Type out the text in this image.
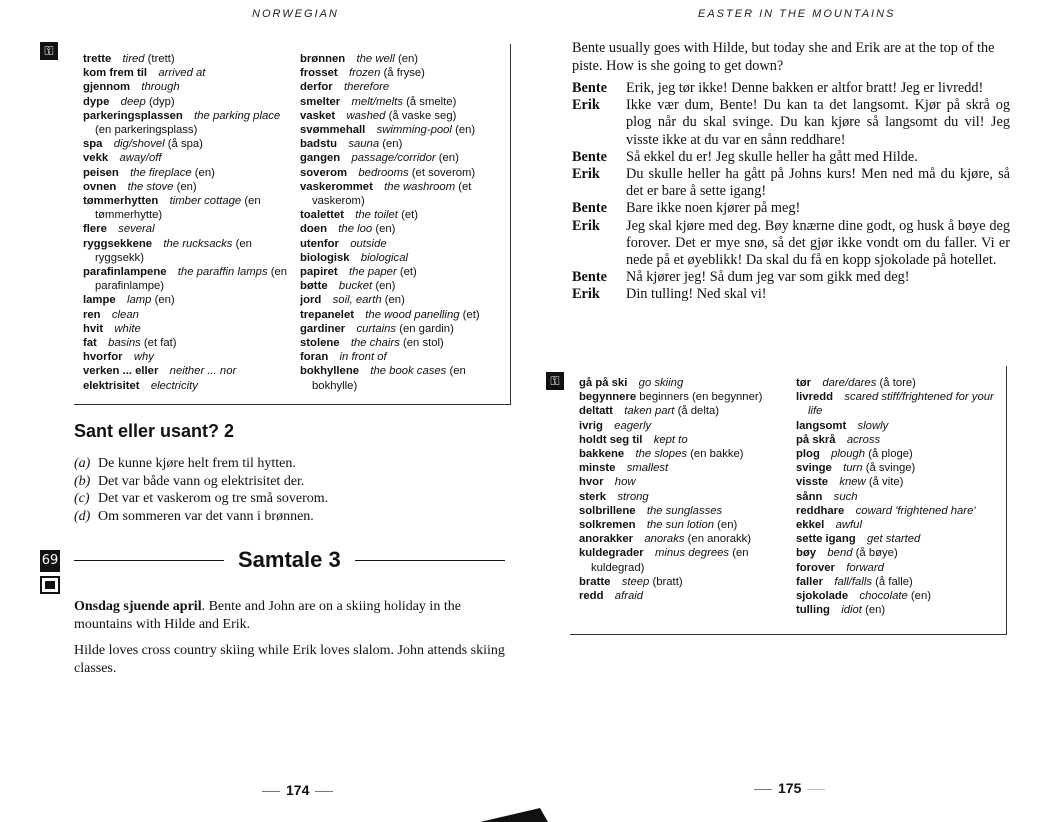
NORWEGIAN
⚿
trette  tired (trett)
kom frem til  arrived at
gjennom  through
dype  deep (dyp)
parkeringsplassen  the parking place (en parkeringsplass)
spa  dig/shovel (å spa)
vekk  away/off
peisen  the fireplace (en)
ovnen  the stove (en)
tømmerhytten  timber cottage (en tømmerhytte)
flere  several
ryggsekkene  the rucksacks (en ryggsekk)
parafinlampene  the paraffin lamps (en parafinlampe)
lampe  lamp (en)
ren  clean
hvit  white
fat  basins (et fat)
hvorfor  why
verken ... eller  neither ... nor
elektrisitet  electricity
brønnen  the well (en)
frosset  frozen (å fryse)
derfor  therefore
smelter  melt/melts (å smelte)
vasket  washed (å vaske seg)
svømmehall  swimming-pool (en)
badstu  sauna (en)
gangen  passage/corridor (en)
soverom  bedrooms (et soverom)
vaskerommet  the washroom (et vaskerom)
toalettet  the toilet (et)
doen  the loo (en)
utenfor  outside
biologisk  biological
papiret  the paper (et)
bøtte  bucket (en)
jord  soil, earth (en)
trepanelet  the wood panelling (et)
gardiner  curtains (en gardin)
stolene  the chairs (en stol)
foran  in front of
bokhyllene  the book cases (en bokhylle)
Sant eller usant? 2
(a) De kunne kjøre helt frem til hytten.
(b) Det var både vann og elektrisitet der.
(c) Det var et vaskerom og tre små soverom.
(d) Om sommeren var det vann i brønnen.
69	Samtale 3
Onsdag sjuende april. Bente and John are on a skiing holiday in the mountains with Hilde and Erik.
Hilde loves cross country skiing while Erik loves slalom. John attends skiing classes.
174
EASTER IN THE MOUNTAINS
Bente usually goes with Hilde, but today she and Erik are at the top of the piste. How is she going to get down?
Bente	Erik, jeg tør ikke! Denne bakken er altfor bratt! Jeg er livredd!
Erik	Ikke vær dum, Bente! Du kan ta det langsomt. Kjør på skrå og plog når du skal svinge. Du kan kjøre så langsomt du vil! Jeg visste ikke at du var en sånn reddhare!
Bente	Så ekkel du er! Jeg skulle heller ha gått med Hilde.
Erik	Du skulle heller ha gått på Johns kurs! Men ned må du kjøre, så det er bare å sette igang!
Bente	Bare ikke noen kjører på meg!
Erik	Jeg skal kjøre med deg. Bøy knærne dine godt, og husk å bøye deg forover. Det er mye snø, så det gjør ikke vondt om du faller. Vi er nede på et øyeblikk! Da skal du få en kopp sjokolade på hotellet.
Bente	Nå kjører jeg! Så dum jeg var som gikk med deg!
Erik	Din tulling! Ned skal vi!
⚿	gå på ski  go skiing
begynnere beginners (en begynner)
deltatt  taken part (å delta)
ivrig  eagerly
holdt seg til  kept to
bakkene  the slopes (en bakke)
minste  smallest
hvor  how
sterk  strong
solbrillene  the sunglasses
solkremen  the sun lotion (en)
anorakker  anoraks (en anorakk)
kuldegrader  minus degrees (en kuldegrad)
bratte  steep (bratt)
redd  afraid
tør  dare/dares (å tore)
livredd  scared stiff/frightened for your life
langsomt  slowly
på skrå  across
plog  plough (å ploge)
svinge  turn (å svinge)
visste  knew (å vite)
sånn  such
reddhare  coward 'frightened hare'
ekkel  awful
sette igang  get started
bøy  bend (å bøye)
forover  forward
faller  fall/falls (å falle)
sjokolade  chocolate (en)
tulling  idiot (en)
175
